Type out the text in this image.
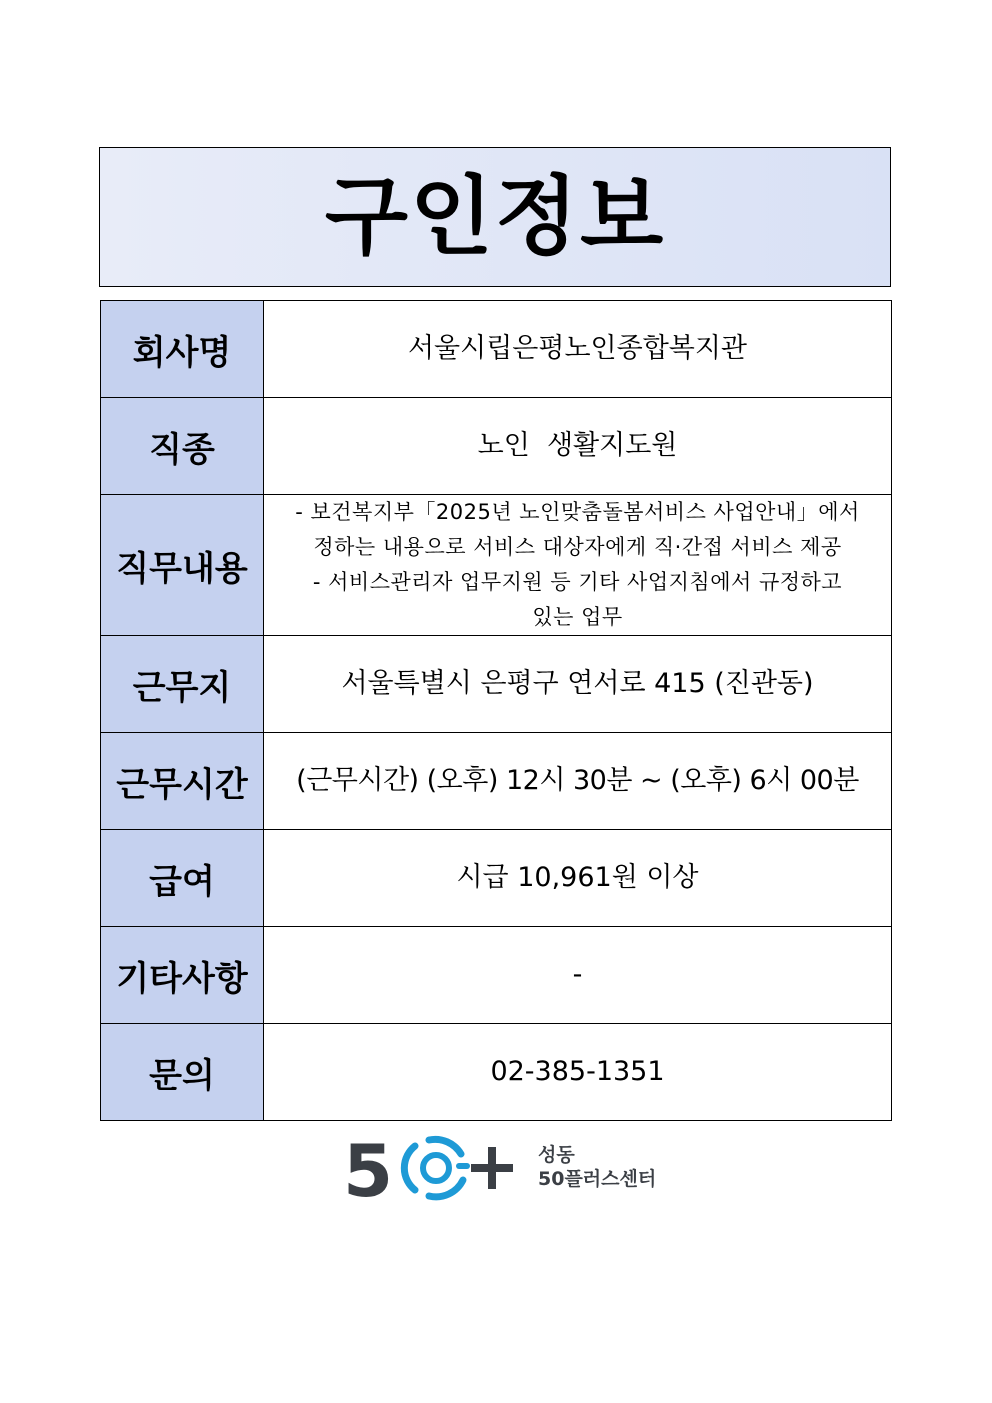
구인정보
회사명	서울시립은평노인종합복지관
직종	노인  생활지도원
직무내용	- 보건복지부「2025년 노인맞춤돌봄서비스 사업안내」에서
정하는 내용으로 서비스 대상자에게 직·간접 서비스 제공
- 서비스관리자 업무지원 등 기타 사업지침에서 규정하고
있는 업무

근무지	서울특별시 은평구 연서로 415 (진관동)
근무시간	(근무시간) (오후) 12시 30분 ~ (오후) 6시 00분
급여	시급 10,961원 이상
기타사항	-
문의	02-385-1351
5	성동
50플러스센터
